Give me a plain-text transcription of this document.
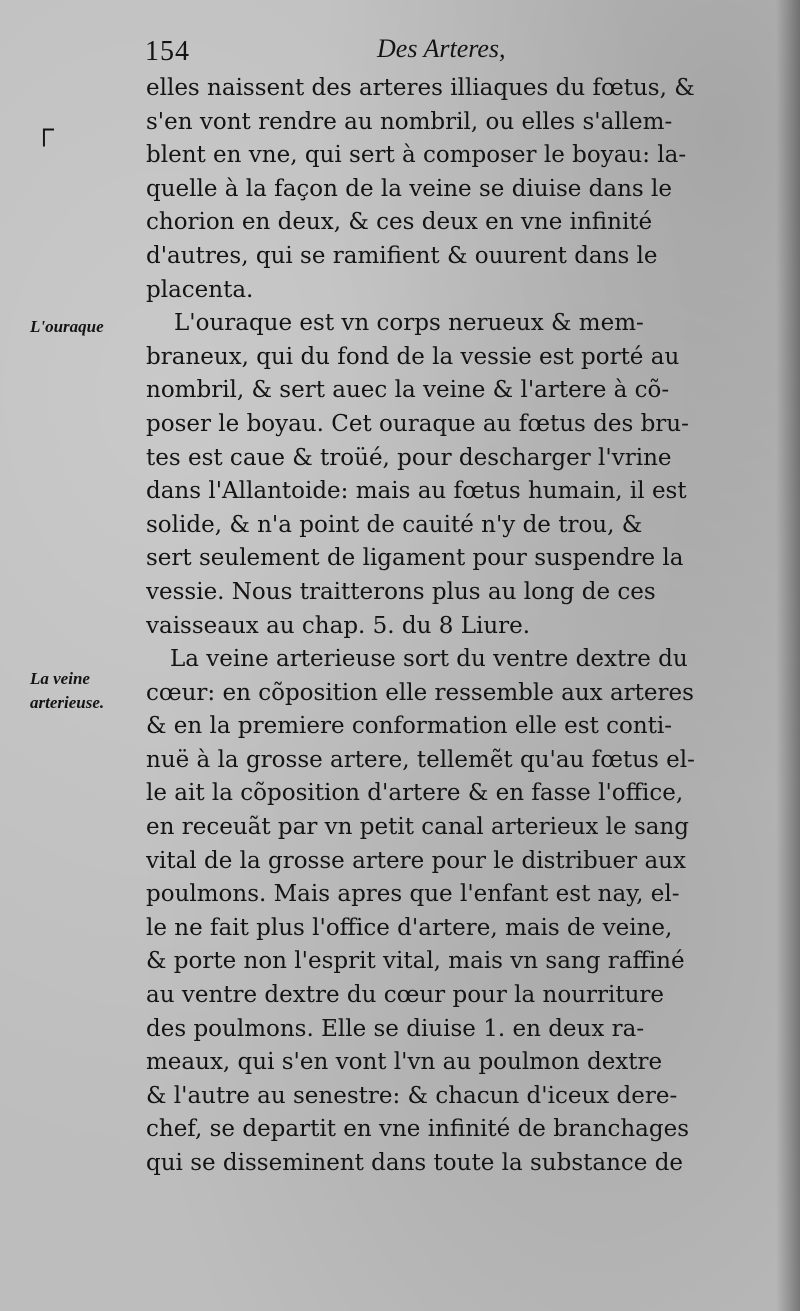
154	Des Arteres,
┌
L'ouraque
La veine
arterieuse.
elles naissent des arteres illiaques du fœtus, &
s'en vont rendre au nombril, ou elles s'allem-
blent en vne, qui sert à composer le boyau: la-
quelle à la façon de la veine se diuise dans le
chorion en deux, & ces deux en vne infinité
d'autres, qui se ramifient & ouurent dans le
placenta.
L'ouraque est vn corps nerueux & mem-
braneux, qui du fond de la vessie est porté au
nombril, & sert auec la veine & l'artere à cõ-
poser le boyau. Cet ouraque au fœtus des bru-
tes est caue & troüé, pour descharger l'vrine
dans l'Allantoide: mais au fœtus humain, il est
solide, & n'a point de cauité n'y de trou, &
sert seulement de ligament pour suspendre la
vessie. Nous traitterons plus au long de ces
vaisseaux au chap. 5. du 8 Liure.
La veine arterieuse sort du ventre dextre du
cœur: en cõposition elle ressemble aux arteres
& en la premiere conformation elle est conti-
nuë à la grosse artere, tellemẽt qu'au fœtus el-
le ait la cõposition d'artere & en fasse l'office,
en receuãt par vn petit canal arterieux le sang
vital de la grosse artere pour le distribuer aux
poulmons. Mais apres que l'enfant est nay, el-
le ne fait plus l'office d'artere, mais de veine,
& porte non l'esprit vital, mais vn sang raffiné
au ventre dextre du cœur pour la nourriture
des poulmons. Elle se diuise 1. en deux ra-
meaux, qui s'en vont l'vn au poulmon dextre
& l'autre au senestre: & chacun d'iceux dere-
chef, se departit en vne infinité de branchages
qui se disseminent dans toute la substance de
